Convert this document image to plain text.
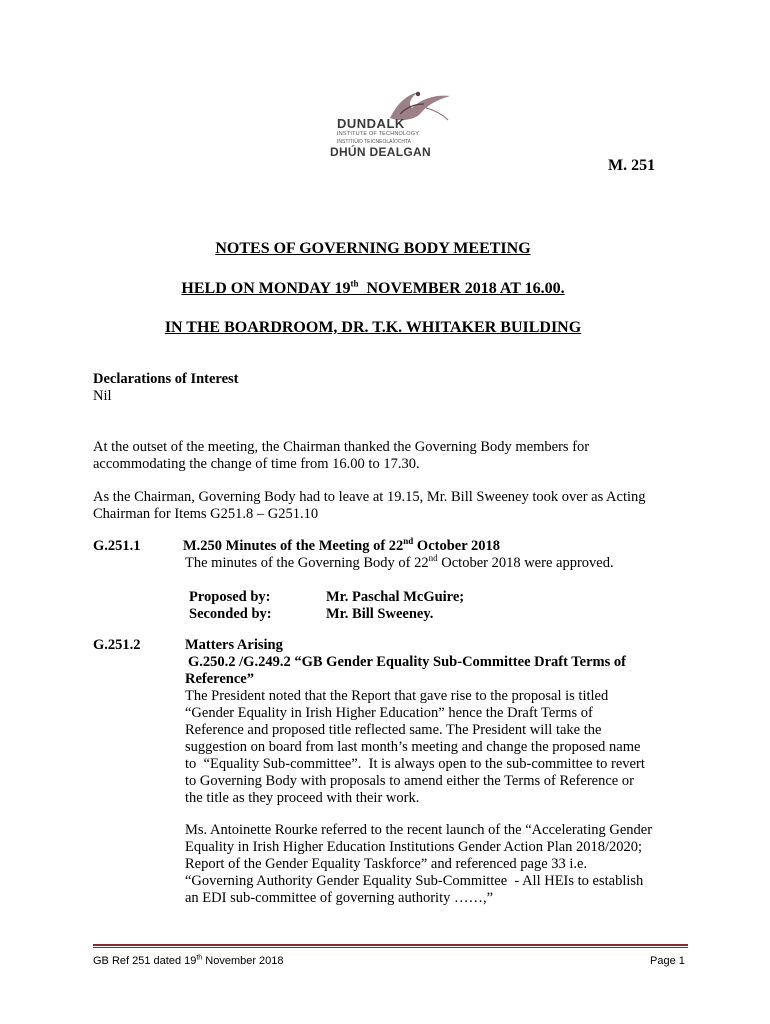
DUNDALK
INSTITUTE OF TECHNOLOGY
INSTITIÚID TEICNEOLAÍOCHTA
DHÚN DEALGAN
M. 251
NOTES OF GOVERNING BODY MEETING
HELD ON MONDAY 19th  NOVEMBER 2018 AT 16.00.
IN THE BOARDROOM, DR. T.K. WHITAKER BUILDING
Declarations of Interest
Nil
At the outset of the meeting, the Chairman thanked the Governing Body members for
accommodating the change of time from 16.00 to 17.30.
As the Chairman, Governing Body had to leave at 19.15, Mr. Bill Sweeney took over as Acting
Chairman for Items G251.8 – G251.10
G.251.1	M.250 Minutes of the Meeting of 22nd October 2018
The minutes of the Governing Body of 22nd October 2018 were approved.
Proposed by:	Mr. Paschal McGuire;
Seconded by:	Mr. Bill Sweeney.
G.251.2	Matters Arising
G.250.2 /G.249.2 “GB Gender Equality Sub-Committee Draft Terms of
Reference”
The President noted that the Report that gave rise to the proposal is titled
“Gender Equality in Irish Higher Education” hence the Draft Terms of
Reference and proposed title reflected same. The President will take the
suggestion on board from last month’s meeting and change the proposed name
to  “Equality Sub-committee”.  It is always open to the sub-committee to revert
to Governing Body with proposals to amend either the Terms of Reference or
the title as they proceed with their work.
Ms. Antoinette Rourke referred to the recent launch of the “Accelerating Gender
Equality in Irish Higher Education Institutions Gender Action Plan 2018/2020;
Report of the Gender Equality Taskforce” and referenced page 33 i.e.
“Governing Authority Gender Equality Sub-Committee  - All HEIs to establish
an EDI sub-committee of governing authority ……,”
GB Ref 251 dated 19th November 2018	Page 1
